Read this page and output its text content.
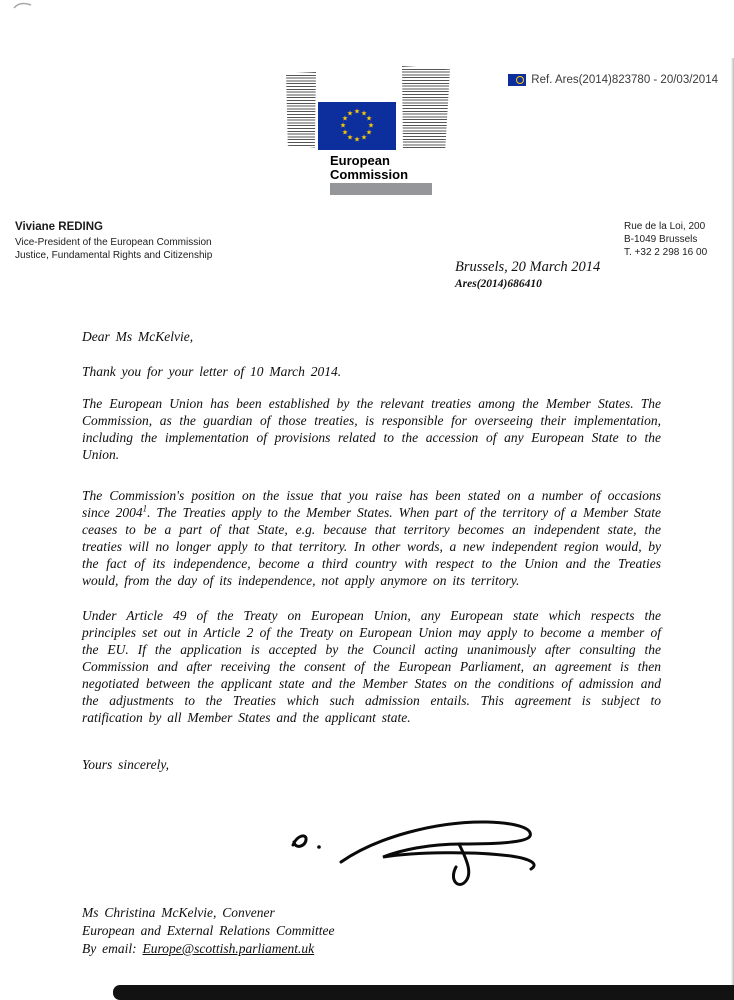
Ref. Ares(2014)823780 - 20/03/2014
★ ★
★
★
★
★
★
★
★
★
★
★
European
Commission
Viviane REDING
Vice-President of the European Commission
Justice, Fundamental Rights and Citizenship
Rue de la Loi, 200
B-1049 Brussels
T. +32 2 298 16 00
Brussels, 20 March 2014
Ares(2014)686410

Dear Ms McKelvie,

Thank you for your letter of 10 March 2014.

The European Union has been established by the relevant treaties among the Member States. The Commission, as the guardian of those treaties, is responsible for overseeing their implementation, including the implementation of provisions related to the accession of any European State to the Union.

The Commission's position on the issue that you raise has been stated on a number of occasions since 2004$^1$. The Treaties apply to the Member States. When part of the territory of a Member State ceases to be a part of that State, e.g. because that territory becomes an independent state, the treaties will no longer apply to that territory. In other words, a new independent region would, by the fact of its independence, become a third country with respect to the Union and the Treaties would, from the day of its independence, not apply anymore on its territory.

Under Article 49 of the Treaty on European Union, any European state which respects the principles set out in Article 2 of the Treaty on European Union may apply to become a member of the EU. If the application is accepted by the Council acting unanimously after consulting the Commission and after receiving the consent of the European Parliament, an agreement is then negotiated between the applicant state and the Member States on the conditions of admission and the adjustments to the Treaties which such admission entails. This agreement is subject to ratification by all Member States and the applicant state.

Yours sincerely,

Ms Christina McKelvie, Convener
European and External Relations Committee
By email: Europe@scottish.parliament.uk
